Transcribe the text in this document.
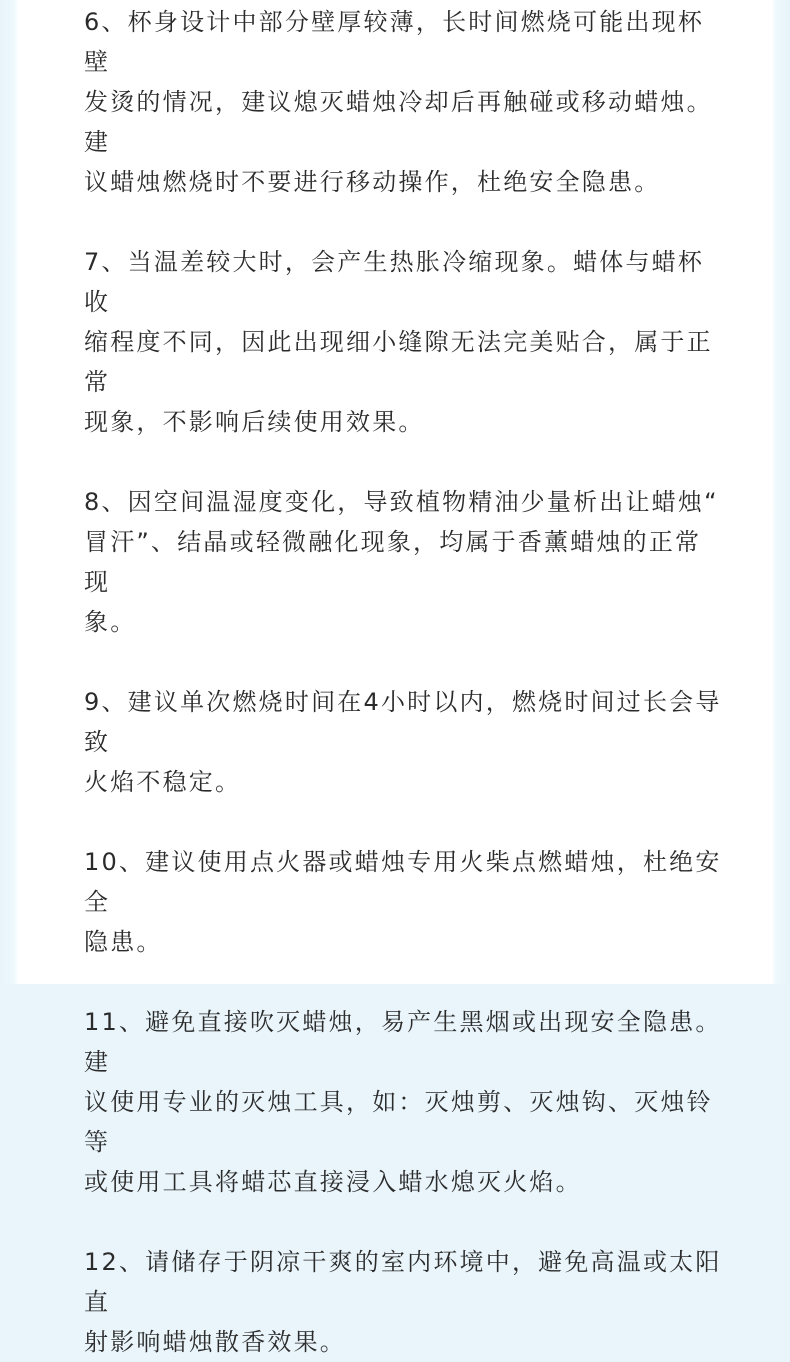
6、杯身设计中部分壁厚较薄，长时间燃烧可能出现杯壁
发烫的情况，建议熄灭蜡烛冷却后再触碰或移动蜡烛。建
议蜡烛燃烧时不要进行移动操作，杜绝安全隐患。

7、当温差较大时，会产生热胀冷缩现象。蜡体与蜡杯收
缩程度不同，因此出现细小缝隙无法完美贴合，属于正常
现象，不影响后续使用效果。

8、因空间温湿度变化，导致植物精油少量析出让蜡烛“
冒汗”、结晶或轻微融化现象，均属于香薰蜡烛的正常现
象。

9、建议单次燃烧时间在4小时以内，燃烧时间过长会导致
火焰不稳定。

10、建议使用点火器或蜡烛专用火柴点燃蜡烛，杜绝安全
隐患。

11、避免直接吹灭蜡烛，易产生黑烟或出现安全隐患。建
议使用专业的灭烛工具，如：灭烛剪、灭烛钩、灭烛铃等
或使用工具将蜡芯直接浸入蜡水熄灭火焰。

12、请储存于阴凉干爽的室内环境中，避免高温或太阳直
射影响蜡烛散香效果。
